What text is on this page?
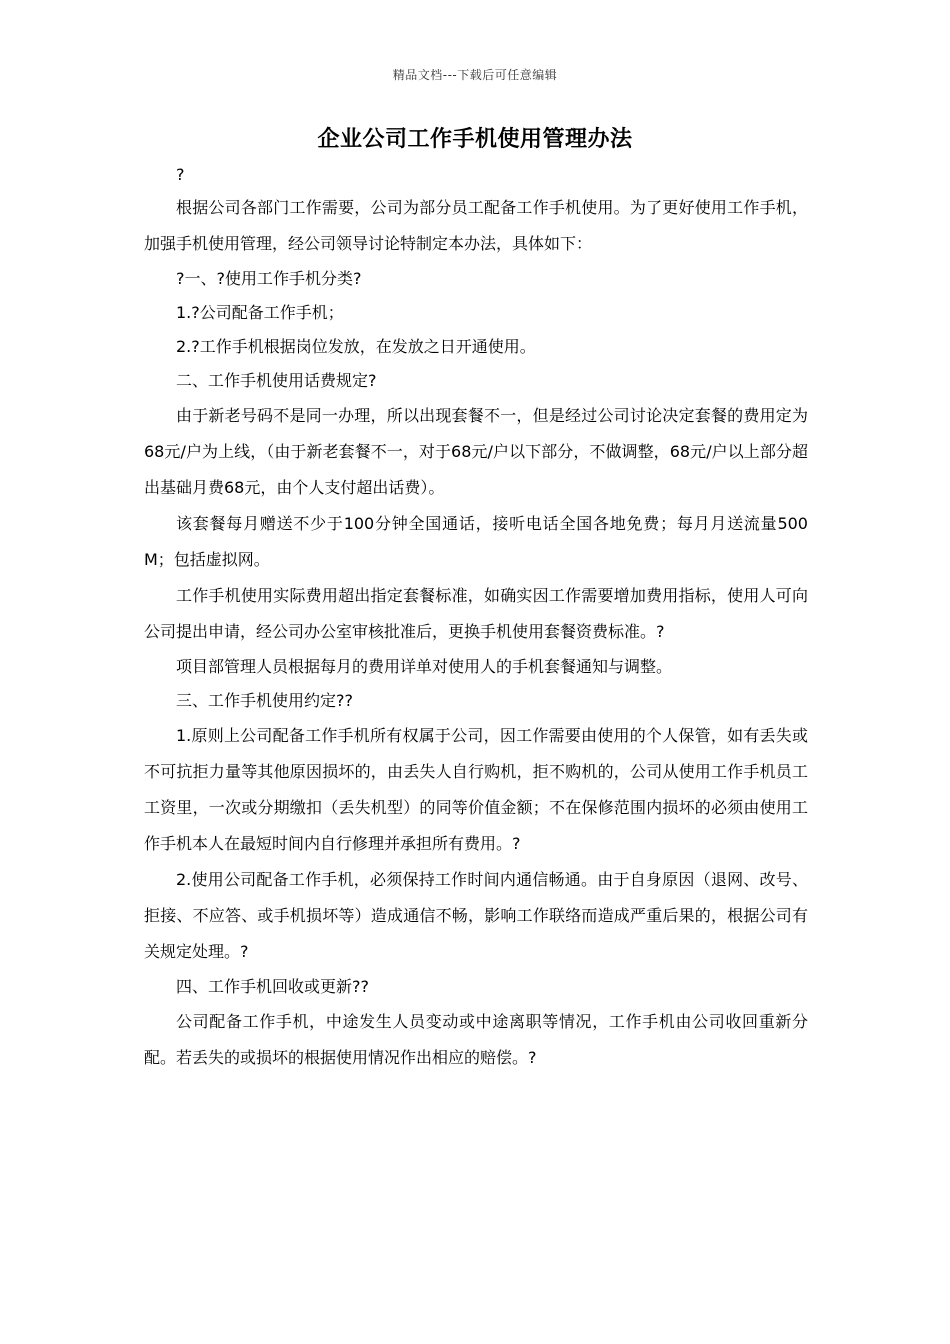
精品文档---下载后可任意编辑
企业公司工作手机使用管理办法

?

根据公司各部门工作需要，公司为部分员工配备工作手机使用。为了更好使用工作手机，加强手机使用管理，经公司领导讨论特制定本办法，具体如下：

?一、?使用工作手机分类?

1.?公司配备工作手机；

2.?工作手机根据岗位发放，在发放之日开通使用。

二、工作手机使用话费规定?

由于新老号码不是同一办理，所以出现套餐不一，但是经过公司讨论决定套餐的费用定为68元/户为上线，（由于新老套餐不一，对于68元/户以下部分，不做调整，68元/户以上部分超出基础月费68元，由个人支付超出话费）。

该套餐每月赠送不少于100分钟全国通话，接听电话全国各地免费；每月月送流量500M；包括虚拟网。

工作手机使用实际费用超出指定套餐标准，如确实因工作需要增加费用指标，使用人可向公司提出申请，经公司办公室审核批准后，更换手机使用套餐资费标准。?

项目部管理人员根据每月的费用详单对使用人的手机套餐通知与调整。

三、工作手机使用约定??

1.原则上公司配备工作手机所有权属于公司，因工作需要由使用的个人保管，如有丢失或不可抗拒力量等其他原因损坏的，由丢失人自行购机，拒不购机的，公司从使用工作手机员工工资里，一次或分期缴扣（丢失机型）的同等价值金额；不在保修范围内损坏的必须由使用工作手机本人在最短时间内自行修理并承担所有费用。?

2.使用公司配备工作手机，必须保持工作时间内通信畅通。由于自身原因（退网、改号、拒接、不应答、或手机损坏等）造成通信不畅，影响工作联络而造成严重后果的，根据公司有关规定处理。?

四、工作手机回收或更新??

公司配备工作手机，中途发生人员变动或中途离职等情况，工作手机由公司收回重新分配。若丢失的或损坏的根据使用情况作出相应的赔偿。?
